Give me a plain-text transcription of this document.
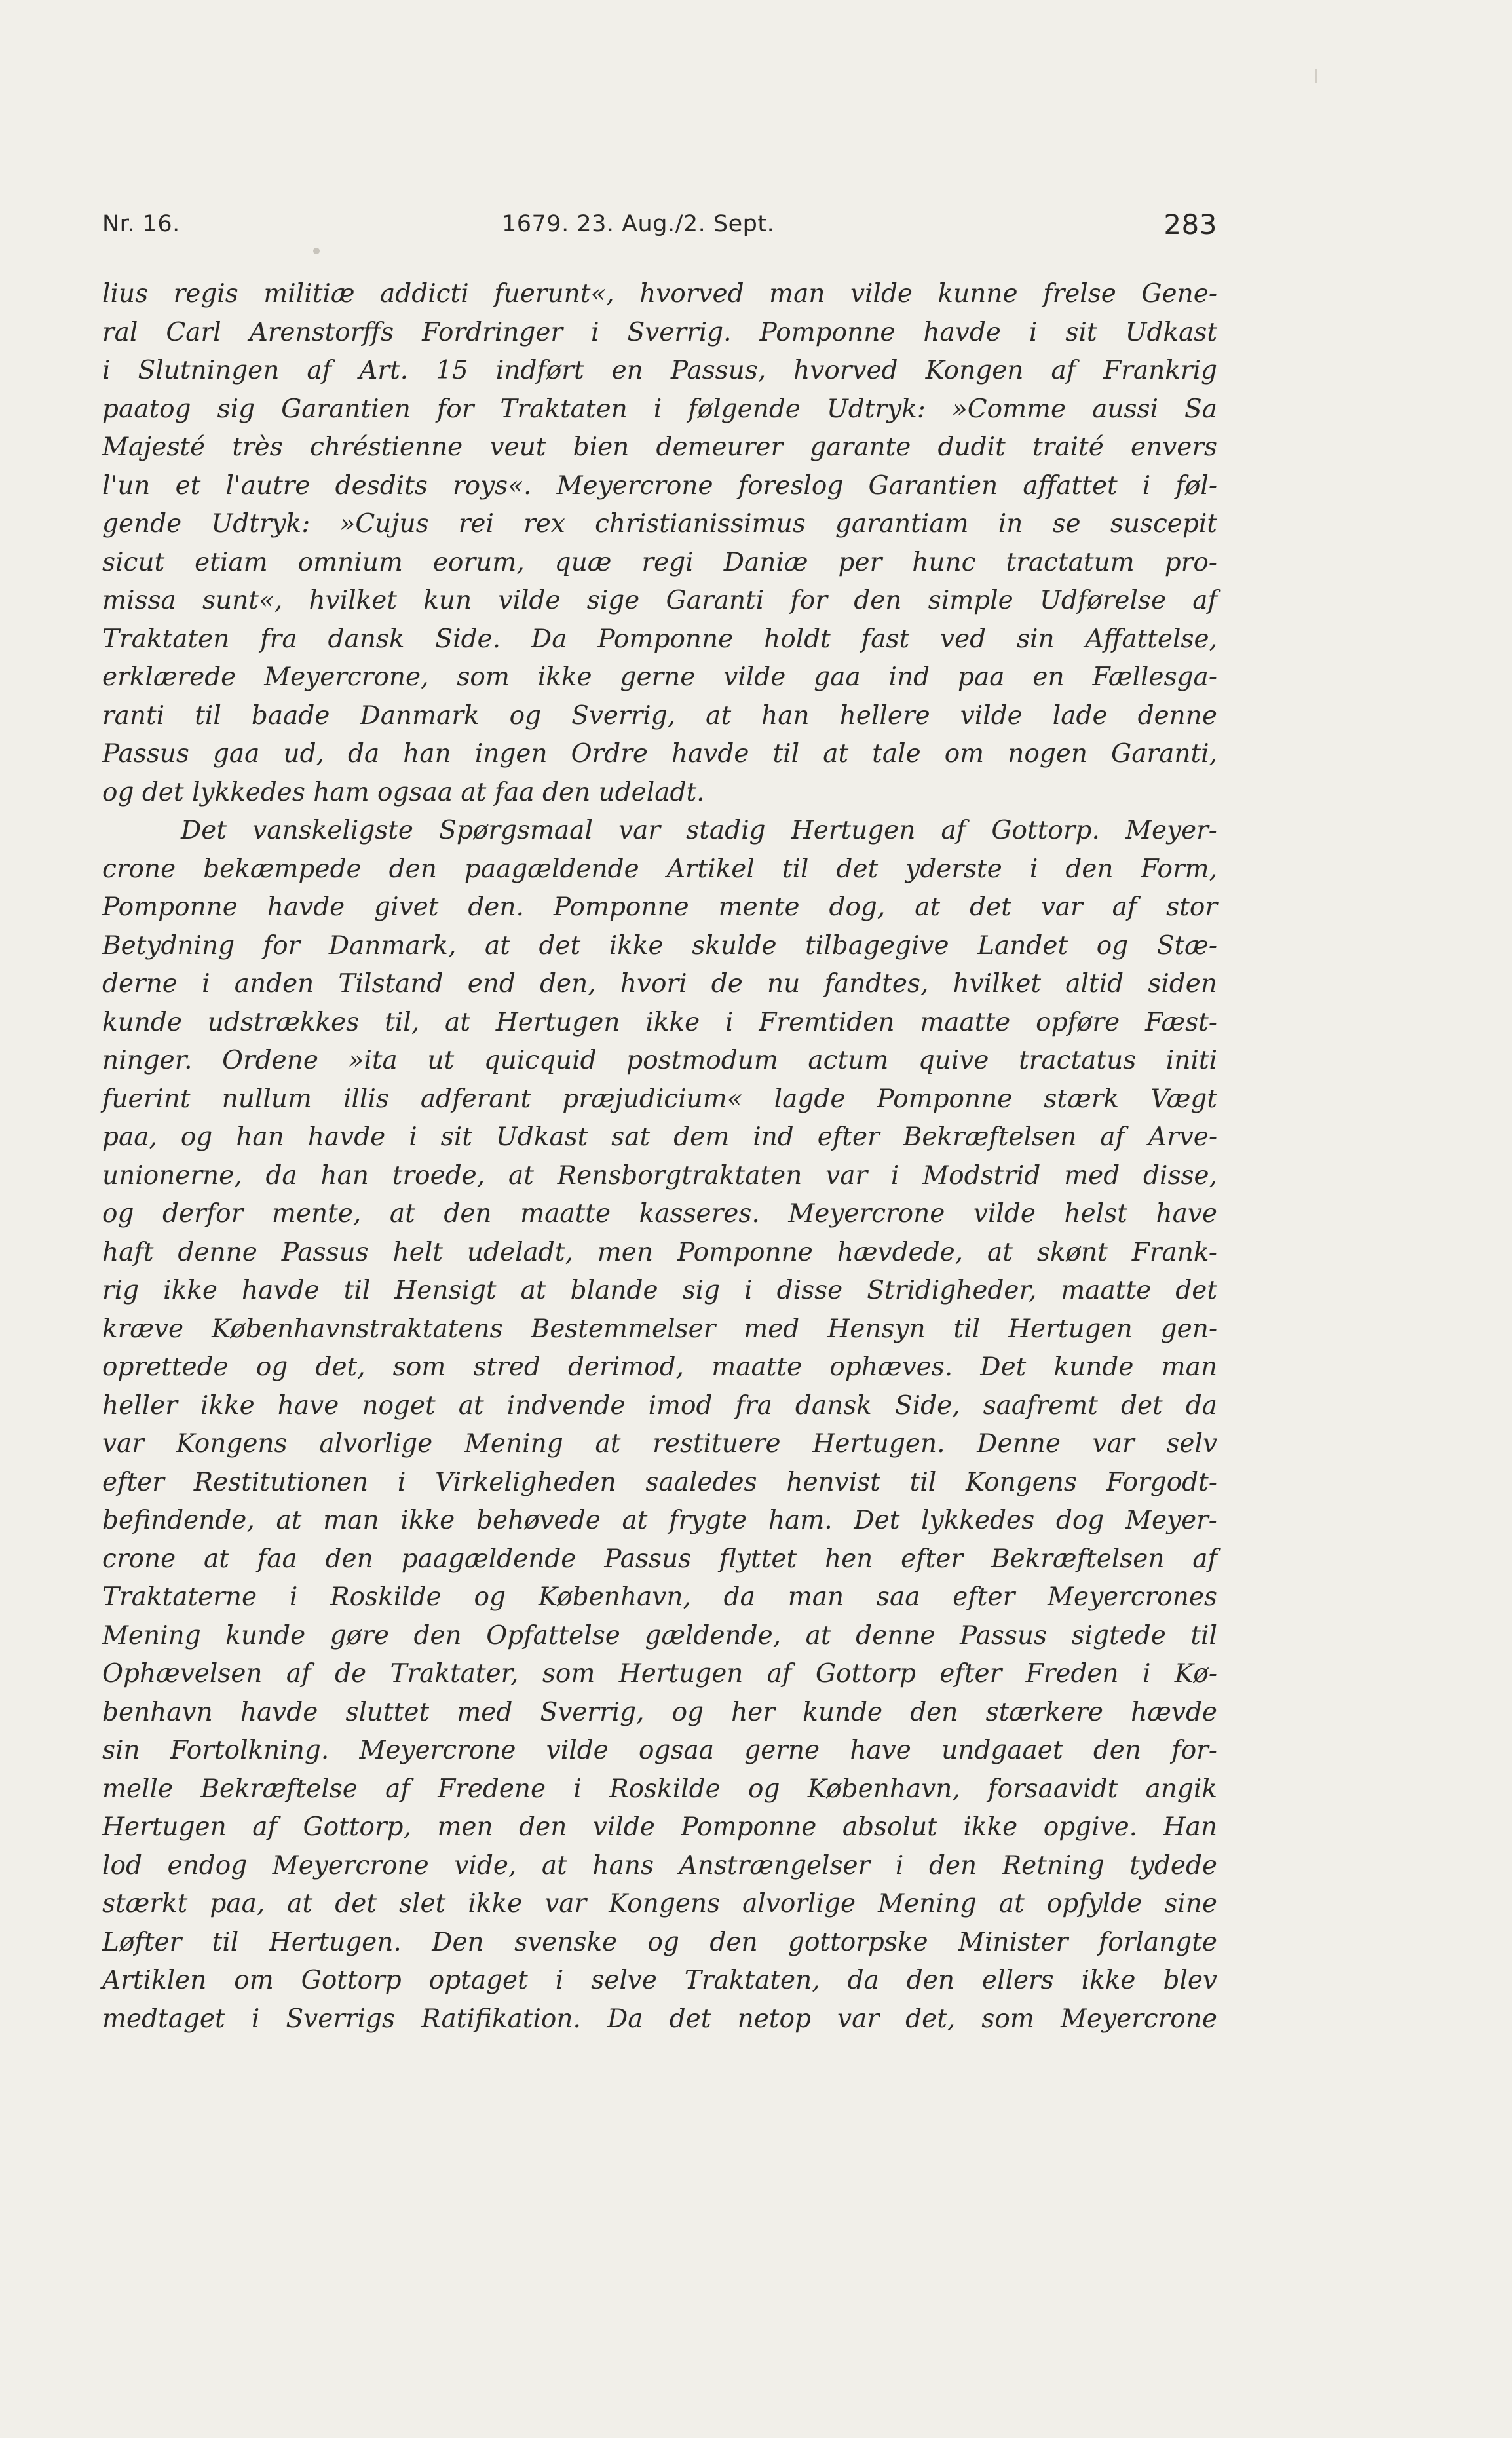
Nr. 16.	1679. 23. Aug./2. Sept.	283
lius regis militiæ addicti fuerunt«, hvorved man vilde kunne frelse Gene-
ral Carl Arenstorffs Fordringer i Sverrig. Pomponne havde i sit Udkast
i Slutningen af Art. 15 indført en Passus, hvorved Kongen af Frankrig
paatog sig Garantien for Traktaten i følgende Udtryk: »Comme aussi Sa
Majesté très chréstienne veut bien demeurer garante dudit traité envers
l'un et l'autre desdits roys«. Meyercrone foreslog Garantien affattet i føl-
gende Udtryk: »Cujus rei rex christianissimus garantiam in se suscepit
sicut etiam omnium eorum, quæ regi Daniæ per hunc tractatum pro-
missa sunt«, hvilket kun vilde sige Garanti for den simple Udførelse af
Traktaten fra dansk Side. Da Pomponne holdt fast ved sin Affattelse,
erklærede Meyercrone, som ikke gerne vilde gaa ind paa en Fællesga-
ranti til baade Danmark og Sverrig, at han hellere vilde lade denne
Passus gaa ud, da han ingen Ordre havde til at tale om nogen Garanti,
og det lykkedes ham ogsaa at faa den udeladt.
Det vanskeligste Spørgsmaal var stadig Hertugen af Gottorp. Meyer-
crone bekæmpede den paagældende Artikel til det yderste i den Form,
Pomponne havde givet den. Pomponne mente dog, at det var af stor
Betydning for Danmark, at det ikke skulde tilbagegive Landet og Stæ-
derne i anden Tilstand end den, hvori de nu fandtes, hvilket altid siden
kunde udstrækkes til, at Hertugen ikke i Fremtiden maatte opføre Fæst-
ninger. Ordene »ita ut quicquid postmodum actum quive tractatus initi
fuerint nullum illis adferant præjudicium« lagde Pomponne stærk Vægt
paa, og han havde i sit Udkast sat dem ind efter Bekræftelsen af Arve-
unionerne, da han troede, at Rensborgtraktaten var i Modstrid med disse,
og derfor mente, at den maatte kasseres. Meyercrone vilde helst have
haft denne Passus helt udeladt, men Pomponne hævdede, at skønt Frank-
rig ikke havde til Hensigt at blande sig i disse Stridigheder, maatte det
kræve Københavnstraktatens Bestemmelser med Hensyn til Hertugen gen-
oprettede og det, som stred derimod, maatte ophæves. Det kunde man
heller ikke have noget at indvende imod fra dansk Side, saafremt det da
var Kongens alvorlige Mening at restituere Hertugen. Denne var selv
efter Restitutionen i Virkeligheden saaledes henvist til Kongens Forgodt-
befindende, at man ikke behøvede at frygte ham. Det lykkedes dog Meyer-
crone at faa den paagældende Passus flyttet hen efter Bekræftelsen af
Traktaterne i Roskilde og København, da man saa efter Meyercrones
Mening kunde gøre den Opfattelse gældende, at denne Passus sigtede til
Ophævelsen af de Traktater, som Hertugen af Gottorp efter Freden i Kø-
benhavn havde sluttet med Sverrig, og her kunde den stærkere hævde
sin Fortolkning. Meyercrone vilde ogsaa gerne have undgaaet den for-
melle Bekræftelse af Fredene i Roskilde og København, forsaavidt angik
Hertugen af Gottorp, men den vilde Pomponne absolut ikke opgive. Han
lod endog Meyercrone vide, at hans Anstrængelser i den Retning tydede
stærkt paa, at det slet ikke var Kongens alvorlige Mening at opfylde sine
Løfter til Hertugen. Den svenske og den gottorpske Minister forlangte
Artiklen om Gottorp optaget i selve Traktaten, da den ellers ikke blev
medtaget i Sverrigs Ratifikation. Da det netop var det, som Meyercrone
